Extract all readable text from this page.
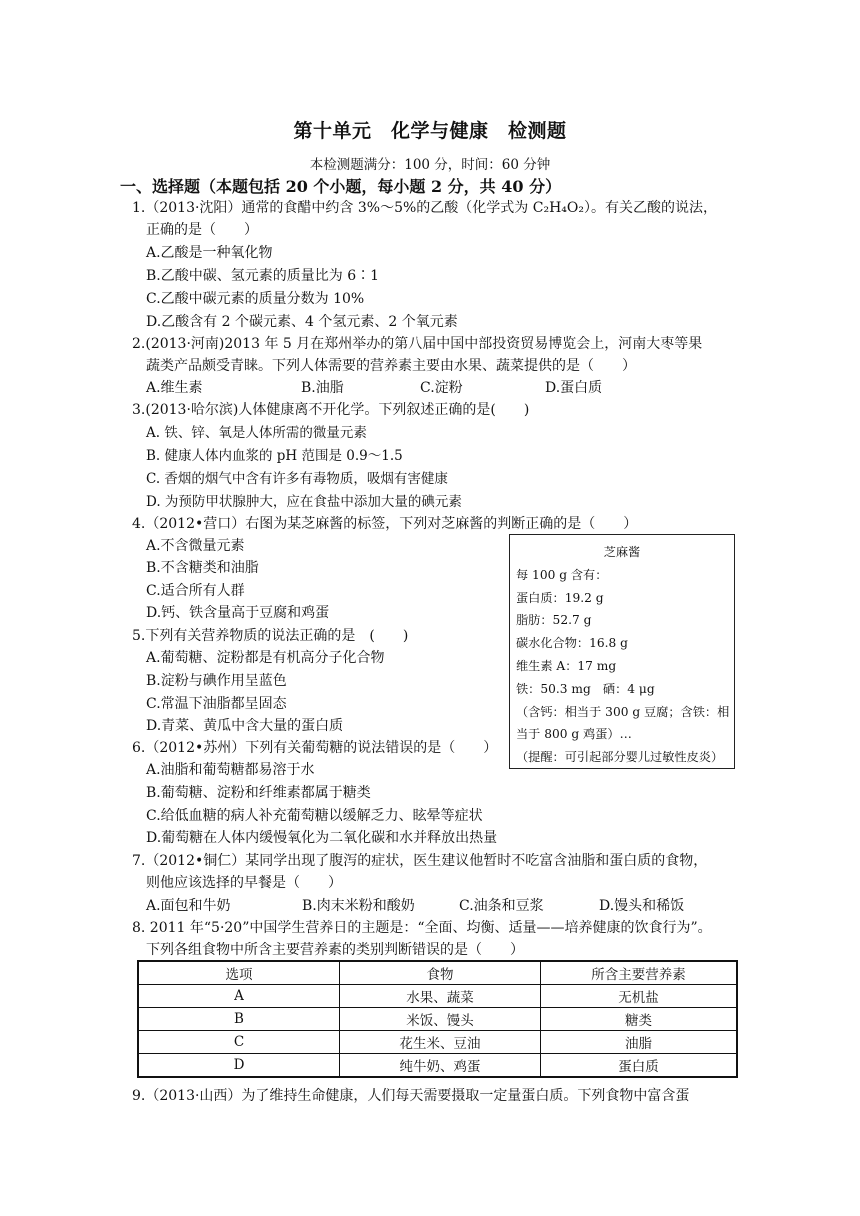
第十单元　化学与健康　检测题
本检测题满分：100 分，时间：60 分钟
一、选择题（本题包括 20 个小题，每小题 2 分，共 40 分）
1.（2013·沈阳）通常的食醋中约含 3%～5%的乙酸（化学式为 C₂H₄O₂）。有关乙酸的说法，
正确的是（　　）
A.乙酸是一种氧化物
B.乙酸中碳、氢元素的质量比为 6∶1
C.乙酸中碳元素的质量分数为 10%
D.乙酸含有 2 个碳元素、4 个氢元素、2 个氧元素
2.(2013·河南)2013 年 5 月在郑州举办的第八届中国中部投资贸易博览会上，河南大枣等果
蔬类产品颇受青睐。下列人体需要的营养素主要由水果、蔬菜提供的是（　　）
A.维生素	B.油脂	C.淀粉	D.蛋白质
3.(2013·哈尔滨)人体健康离不开化学。下列叙述正确的是(　　)
A. 铁、锌、氧是人体所需的微量元素
B. 健康人体内血浆的 pH 范围是 0.9～1.5
C. 香烟的烟气中含有许多有毒物质，吸烟有害健康
D. 为预防甲状腺肿大，应在食盐中添加大量的碘元素
4.（2012•营口）右图为某芝麻酱的标签，下列对芝麻酱的判断正确的是（　　）
A.不含微量元素
B.不含糖类和油脂
C.适合所有人群
D.钙、铁含量高于豆腐和鸡蛋
芝麻酱
每 100 g 含有：
蛋白质：19.2 g
脂肪：52.7 g
碳水化合物：16.8 g
维生素 A：17 mg
铁：50.3 mg　硒：4 μg
（含钙：相当于 300 g 豆腐；含铁：相
当于 800 g 鸡蛋）…
（提醒：可引起部分婴儿过敏性皮炎）
5.下列有关营养物质的说法正确的是　(　　)
A.葡萄糖、淀粉都是有机高分子化合物
B.淀粉与碘作用呈蓝色
C.常温下油脂都呈固态
D.青菜、黄瓜中含大量的蛋白质
6.（2012•苏州）下列有关葡萄糖的说法错误的是（　　）
A.油脂和葡萄糖都易溶于水
B.葡萄糖、淀粉和纤维素都属于糖类
C.给低血糖的病人补充葡萄糖以缓解乏力、眩晕等症状
D.葡萄糖在人体内缓慢氧化为二氧化碳和水并释放出热量
7.（2012•铜仁）某同学出现了腹泻的症状，医生建议他暂时不吃富含油脂和蛋白质的食物，
则他应该选择的早餐是（　　）
A.面包和牛奶	B.肉末米粉和酸奶	C.油条和豆浆	D.馒头和稀饭
8. 2011 年“5·20”中国学生营养日的主题是：“全面、均衡、适量——培养健康的饮食行为”。
下列各组食物中所含主要营养素的类别判断错误的是（　　）
选项	食物	所含主要营养素
A	水果、蔬菜	无机盐
B	米饭、馒头	糖类
C	花生米、豆油	油脂
D	纯牛奶、鸡蛋	蛋白质
9.（2013·山西）为了维持生命健康，人们每天需要摄取一定量蛋白质。下列食物中富含蛋
